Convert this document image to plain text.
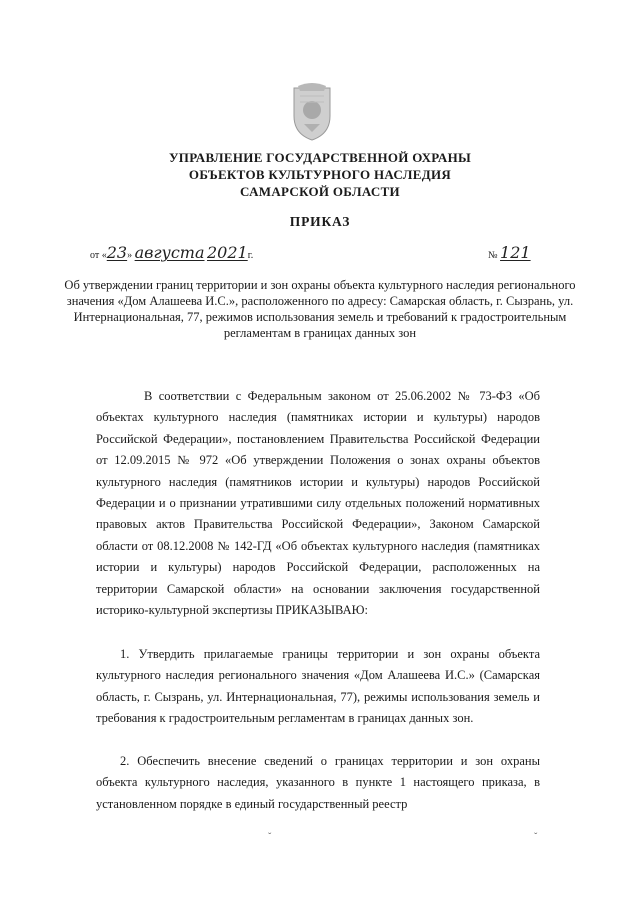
УПРАВЛЕНИЕ ГОСУДАРСТВЕННОЙ ОХРАНЫ
ОБЪЕКТОВ КУЛЬТУРНОГО НАСЛЕДИЯ
САМАРСКОЙ ОБЛАСТИ
ПРИКАЗ
от «23» августа 2021г.	№ 121
Об утверждении границ территории и зон охраны объекта культурного наследия регионального значения «Дом Алашеева И.С.», расположенного по адресу: Самарская область, г. Сызрань, ул. Интернациональная, 77, режимов использования земель и требований к градостроительным регламентам в границах данных зон
В соответствии с Федеральным законом от 25.06.2002 № 73-ФЗ «Об объектах культурного наследия (памятниках истории и культуры) народов Российской Федерации», постановлением Правительства Российской Федерации от 12.09.2015 № 972 «Об утверждении Положения о зонах охраны объектов культурного наследия (памятников истории и культуры) народов Российской Федерации и о признании утратившими силу отдельных положений нормативных правовых актов Правительства Российской Федерации», Законом Самарской области от 08.12.2008 № 142-ГД «Об объектах культурного наследия (памятниках истории и культуры) народов Российской Федерации, расположенных на территории Самарской области» на основании заключения государственной историко-культурной экспертизы ПРИКАЗЫВАЮ:
1. Утвердить прилагаемые границы территории и зон охраны объекта культурного наследия регионального значения «Дом Алашеева И.С.» (Самарская область, г. Сызрань, ул. Интернациональная, 77), режимы использования земель и требования к градостроительным регламентам в границах данных зон.
2. Обеспечить внесение сведений о границах территории и зон охраны объекта культурного наследия, указанного в пункте 1 настоящего приказа, в установленном порядке в единый государственный реестр
ˇ	ˇ
